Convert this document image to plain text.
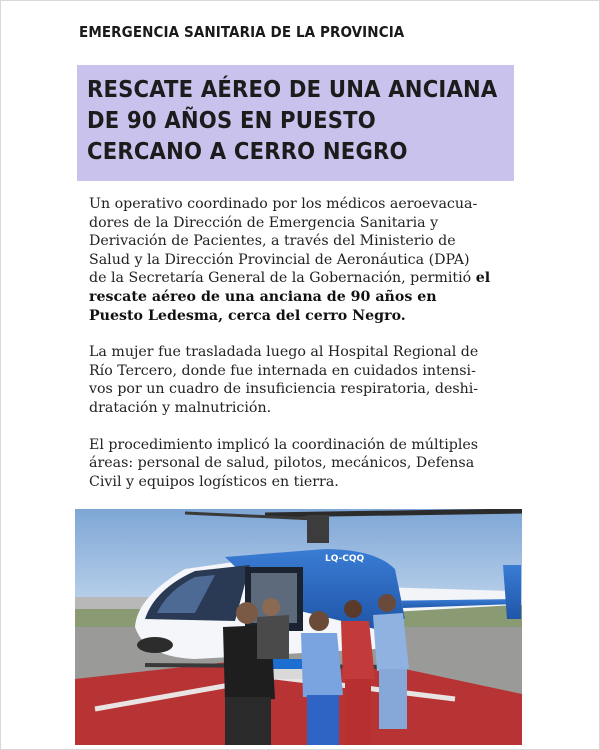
EMERGENCIA SANITARIA DE LA PROVINCIA
RESCATE AÉREO DE UNA ANCIANA
DE 90 AÑOS EN PUESTO
CERCANO A CERRO NEGRO
Un operativo coordinado por los médicos aeroevacua-
dores de la Dirección de Emergencia Sanitaria y
Derivación de Pacientes, a través del Ministerio de
Salud y la Dirección Provincial de Aeronáutica (DPA)
de la Secretaría General de la Gobernación, permitió el
rescate aéreo de una anciana de 90 años en
Puesto Ledesma, cerca del cerro Negro.
La mujer fue trasladada luego al Hospital Regional de
Río Tercero, donde fue internada en cuidados intensi-
vos por un cuadro de insuficiencia respiratoria, deshi-
dratación y malnutrición.
El procedimiento implicó la coordinación de múltiples
áreas: personal de salud, pilotos, mecánicos, Defensa
Civil y equipos logísticos en tierra.
LQ-CQQ
